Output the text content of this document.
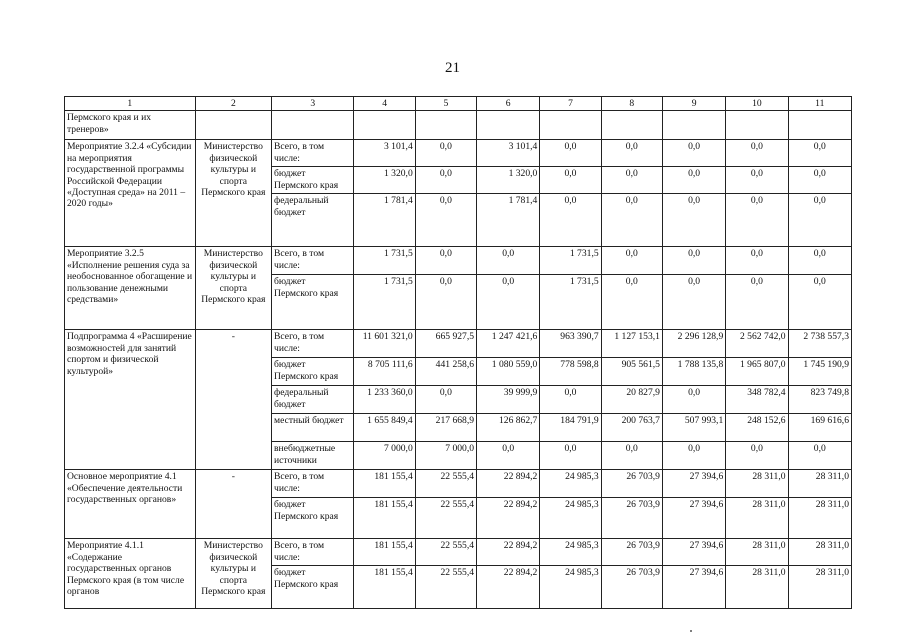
21
1	2	3	4	5	6	7	8	9	10	11
Пермского края и их тренеров»										
Мероприятие 3.2.4 «Субсидии на мероприятия государственной программы Российской Федерации «Доступная среда» на 2011 – 2020 годы»	Министерство физической культуры и спорта Пермского края	Всего, в том числе:	3 101,4	0,0	3 101,4	0,0	0,0	0,0	0,0	0,0
		бюджет Пермского края	1 320,0	0,0	1 320,0	0,0	0,0	0,0	0,0	0,0
		федеральный бюджет	1 781,4	0,0	1 781,4	0,0	0,0	0,0	0,0	0,0
Мероприятие 3.2.5 «Исполнение решения суда за необоснованное обогащение и пользование денежными средствами»	Министерство физической культуры и спорта Пермского края	Всего, в том числе:	1 731,5	0,0	0,0	1 731,5	0,0	0,0	0,0	0,0
		бюджет Пермского края	1 731,5	0,0	0,0	1 731,5	0,0	0,0	0,0	0,0
Подпрограмма 4 «Расширение возможностей для занятий спортом и физической культурой»	-	Всего, в том числе:	11 601 321,0	665 927,5	1 247 421,6	963 390,7	1 127 153,1	2 296 128,9	2 562 742,0	2 738 557,3
		бюджет Пермского края	8 705 111,6	441 258,6	1 080 559,0	778 598,8	905 561,5	1 788 135,8	1 965 807,0	1 745 190,9
		федеральный бюджет	1 233 360,0	0,0	39 999,9	0,0	20 827,9	0,0	348 782,4	823 749,8
		местный бюджет	1 655 849,4	217 668,9	126 862,7	184 791,9	200 763,7	507 993,1	248 152,6	169 616,6
		внебюджетные источники	7 000,0	7 000,0	0,0	0,0	0,0	0,0	0,0	0,0
Основное мероприятие 4.1 «Обеспечение деятельности государственных органов»	-	Всего, в том числе:	181 155,4	22 555,4	22 894,2	24 985,3	26 703,9	27 394,6	28 311,0	28 311,0
		бюджет Пермского края	181 155,4	22 555,4	22 894,2	24 985,3	26 703,9	27 394,6	28 311,0	28 311,0
Мероприятие 4.1.1 «Содержание государственных органов Пермского края (в том числе органов	Министерство физической культуры и спорта Пермского края	Всего, в том числе:	181 155,4	22 555,4	22 894,2	24 985,3	26 703,9	27 394,6	28 311,0	28 311,0
		бюджет Пермского края	181 155,4	22 555,4	22 894,2	24 985,3	26 703,9	27 394,6	28 311,0	28 311,0
